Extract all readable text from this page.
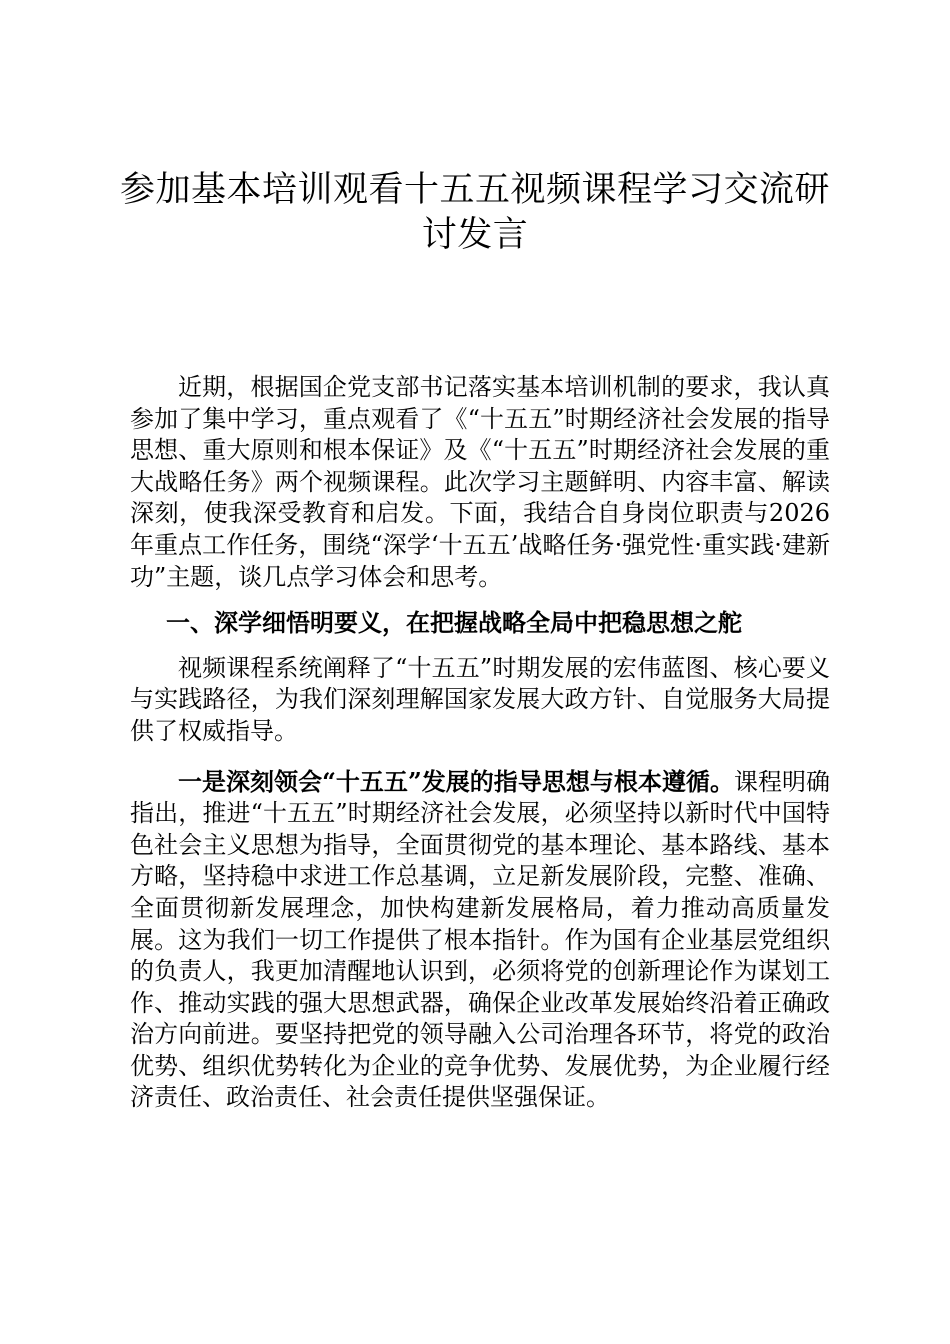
参加基本培训观看十五五视频课程学习交流研讨发言

近期，根据国企党支部书记落实基本培训机制的要求，我认真参加了集中学习，重点观看了《“十五五”时期经济社会发展的指导思想、重大原则和根本保证》及《“十五五”时期经济社会发展的重大战略任务》两个视频课程。此次学习主题鲜明、内容丰富、解读深刻，使我深受教育和启发。下面，我结合自身岗位职责与2026年重点工作任务，围绕“深学‘十五五’战略任务·强党性·重实践·建新功”主题，谈几点学习体会和思考。

一、深学细悟明要义，在把握战略全局中把稳思想之舵

视频课程系统阐释了“十五五”时期发展的宏伟蓝图、核心要义与实践路径，为我们深刻理解国家发展大政方针、自觉服务大局提供了权威指导。

一是深刻领会“十五五”发展的指导思想与根本遵循。课程明确指出，推进“十五五”时期经济社会发展，必须坚持以新时代中国特色社会主义思想为指导，全面贯彻党的基本理论、基本路线、基本方略，坚持稳中求进工作总基调，立足新发展阶段，完整、准确、全面贯彻新发展理念，加快构建新发展格局，着力推动高质量发展。这为我们一切工作提供了根本指针。作为国有企业基层党组织的负责人，我更加清醒地认识到，必须将党的创新理论作为谋划工作、推动实践的强大思想武器，确保企业改革发展始终沿着正确政治方向前进。要坚持把党的领导融入公司治理各环节，将党的政治优势、组织优势转化为企业的竞争优势、发展优势，为企业履行经济责任、政治责任、社会责任提供坚强保证。
